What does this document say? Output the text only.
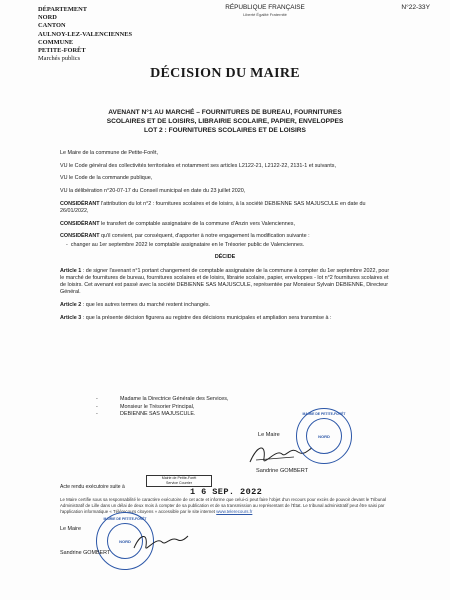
DÉPARTEMENT
NORD
CANTON
AULNOY-LEZ-VALENCIENNES
COMMUNE
PETITE-FORÊT
Marchés publics
RÉPUBLIQUE FRANÇAISE
Liberté Égalité Fraternité
N°22-33Y
DÉCISION DU MAIRE
AVENANT N°1 AU MARCHÉ – FOURNITURES DE BUREAU, FOURNITURES
SCOLAIRES ET DE LOISIRS, LIBRAIRIE SCOLAIRE, PAPIER, ENVELOPPES
LOT 2 : FOURNITURES SCOLAIRES ET DE LOISIRS

Le Maire de la commune de Petite-Forêt,

VU le Code général des collectivités territoriales et notamment ses articles L2122-21, L2122-22, 2131-1 et suivants,

VU le Code de la commande publique,

VU la délibération n°20-07-17 du Conseil municipal en date du 23 juillet 2020,

CONSIDÉRANT l'attribution du lot n°2 : fournitures scolaires et de loisirs, à la société DEBIENNE SAS MAJUSCULE en date du 26/01/2022,

CONSIDÉRANT le transfert de comptable assignataire de la commune d'Anzin vers Valenciennes,

CONSIDÉRANT qu'il convient, par conséquent, d'apporter à notre engagement la modification suivante :

-  changer au 1er septembre 2022 le comptable assignataire en le Trésorier public de Valenciennes.

DÉCIDE

Article 1 : de signer l'avenant n°1 portant changement de comptable assignataire de la commune à compter du 1er septembre 2022, pour le marché de fournitures de bureau, fournitures scolaires et de loisirs, librairie scolaire, papier, enveloppes - lot n°2 fournitures scolaires et de loisirs. Cet avenant est passé avec la société DEBIENNE SAS MAJUSCULE, représentée par Monsieur Sylvain DEBIENNE, Directeur Général.

Article 2 : que les autres termes du marché restent inchangés.

Article 3 : que la présente décision figurera au registre des décisions municipales et ampliation sera transmise à :

-	Madame la Directrice Générale des Services,
-	Monsieur le Trésorier Principal,
-	DEBIENNE SAS MAJUSCULE.
Le Maire
MAIRIE DE PETITE-FORÊT
NORD
Sandrine GOMBERT
Mairie de Petite-Forêt
Service Courrier
Acte rendu exécutoire suite à	1 6 SEP. 2022
Le Maire certifie sous sa responsabilité le caractère exécutoire de cet acte et informe que celui-ci peut faire l'objet d'un recours pour excès de pouvoir devant le Tribunal Administratif de Lille dans un délai de deux mois à compter de sa publication et de sa transmission au représentant de l'État. Le tribunal administratif peut être saisi par l'application informatique « Télérecours citoyens » accessible par le site internet www.telerecours.fr
MAIRIE DE PETITE-FORÊT
NORD
Le Maire
Sandrine GOMBERT
